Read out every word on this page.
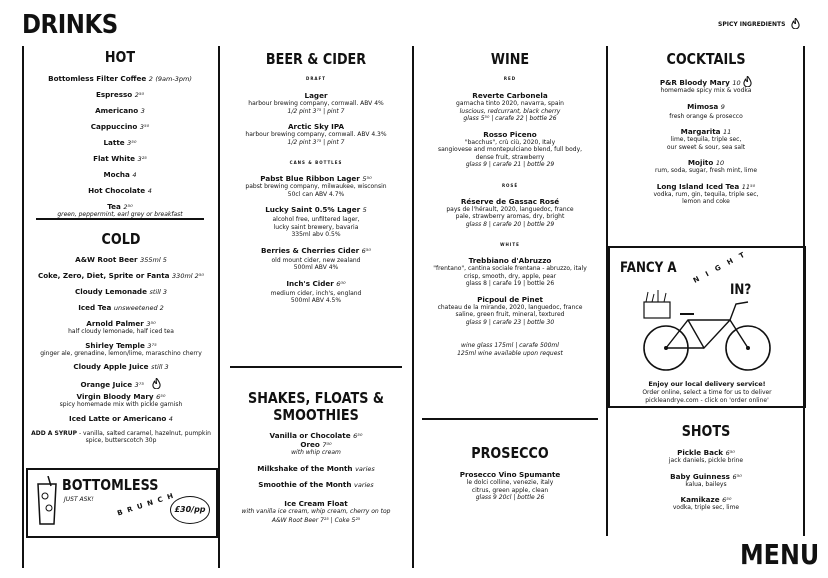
DRINKS	SPICY INGREDIENTS
MENU
HOT
Bottomless Filter Coffee 2 (9am-3pm)
Espresso 2⁵⁰
Americano 3
Cappuccino 3⁵⁰
Latte 3⁵⁰
Flat White 3²⁵
Mocha 4
Hot Chocolate 4
Tea 2⁵⁰
green, peppermint, earl grey or breakfast
COLD
A&W Root Beer 355ml 5
Coke, Zero, Diet, Sprite or Fanta 330ml 2⁵⁰
Cloudy Lemonade still 3
Iced Tea unsweetened 2
Arnold Palmer 3⁵⁰
half cloudy lemonade, half iced tea
Shirley Temple 3⁷⁵
ginger ale, grenadine, lemon/lime, maraschino cherry
Cloudy Apple Juice still 3
Orange Juice 3⁷⁵
Virgin Bloody Mary 6⁵⁰
spicy homemade mix with pickle garnish
Iced Latte or Americano 4
ADD A SYRUP - vanilla, salted caramel, hazelnut, pumpkin spice, butterscotch 30p
BOTTOMLESS
JUST ASK!	BRUNCH
£30/pp
BEER & CIDER
DRAFT
Lager
harbour brewing company, cornwall. ABV 4%
1/2 pint 3⁷⁵ | pint 7
Arctic Sky IPA
harbour brewing company, cornwall. ABV 4.3%
1/2 pint 3⁷⁵ | pint 7
CANS & BOTTLES
Pabst Blue Ribbon Lager 5⁵⁰
pabst brewing company, milwaukee, wisconsin
50cl can ABV 4.7%
Lucky Saint 0.5% Lager 5
alcohol free, unfiltered lager,
lucky saint brewery, bavaria
335ml abv 0.5%
Berries & Cherries Cider 6⁵⁰
old mount cider, new zealand
500ml ABV 4%
Inch's Cider 6⁰⁰
medium cider, inch's, england
500ml ABV 4.5%
SHAKES, FLOATS & SMOOTHIES
Vanilla or Chocolate 6⁵⁰
Oreo 7⁰⁰
with whip cream
Milkshake of the Month varies
Smoothie of the Month varies
Ice Cream Float
with vanilla ice cream, whip cream, cherry on top
A&W Root Beer 7²⁵ | Coke 5²⁵
WINE
RED
Reverte Carbonela
garnacha tinto 2020, navarra, spain
luscious, redcurrant, black cherry
glass 5⁵⁰ | carafe 22 | bottle 26
Rosso Piceno
"bacchus", crù ciù, 2020, Italy
sangiovese and montepulciano blend, full body,
dense fruit, strawberry
glass 9 | carafe 21 | bottle 29
ROSÉ
Réserve de Gassac Rosé
pays de l'hérault, 2020, languedoc, france
pale, strawberry aromas, dry, bright
glass 8 | carafe 20 | bottle 29
WHITE
Trebbiano d'Abruzzo
"frentano", cantina sociale frentana - abruzzo, italy
crisp, smooth, dry, apple, pear
glass 8 | carafe 19 | bottle 26
Picpoul de Pinet
chateau de la mirande, 2020, languedoc, france
saline, green fruit, mineral, textured
glass 9 | carafe 23 | bottle 30
wine glass 175ml | carafe 500ml
125ml wine available upon request
PROSECCO
Prosecco Vino Spumante
le dolci colline, venezie, italy
citrus, green apple, clean
glass 9 20cl | bottle 26
COCKTAILS
P&R Bloody Mary 10
homemade spicy mix & vodka
Mimosa 9
fresh orange & prosecco
Margarita 11
lime, tequila, triple sec,
our sweet & sour, sea salt
Mojito 10
rum, soda, sugar, fresh mint, lime
Long Island Iced Tea 11⁵⁰
vodka, rum, gin, tequila, triple sec,
lemon and coke
FANCY A NIGHT
IN?
Enjoy our local delivery service!
Order online, select a time for us to deliver
pickleandrye.com - click on 'order online'
SHOTS
Pickle Back 6⁵⁰
jack daniels, pickle brine
Baby Guinness 6⁵⁰
kalua, baileys
Kamikaze 6⁵⁰
vodka, triple sec, lime
